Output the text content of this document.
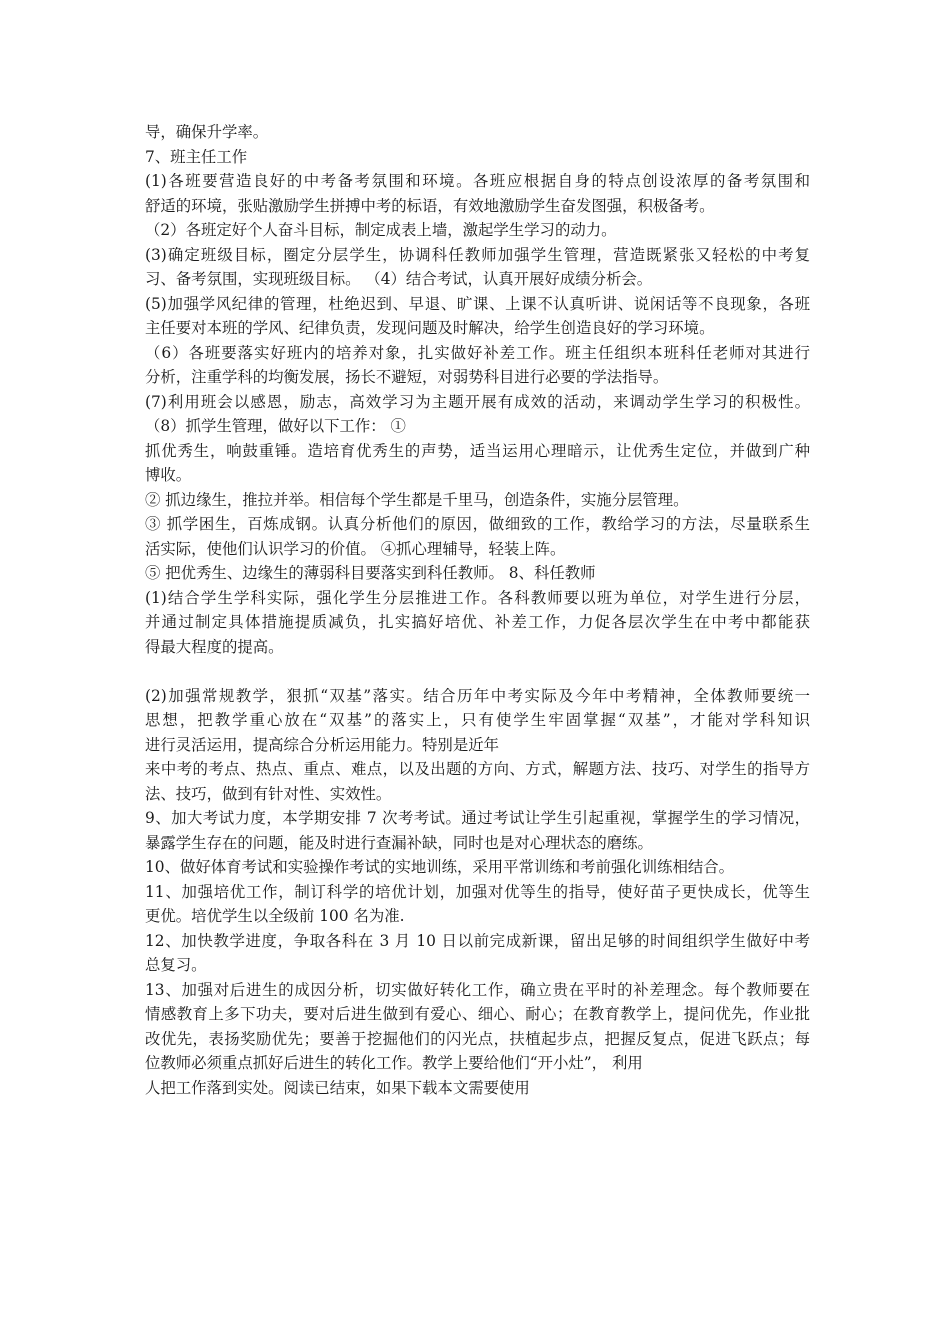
导，确保升学率。
7、班主任工作
(1)各班要营造良好的中考备考氛围和环境。各班应根据自身的特点创设浓厚的备考氛围和
舒适的环境，张贴激励学生拼搏中考的标语，有效地激励学生奋发图强，积极备考。
（2）各班定好个人奋斗目标，制定成表上墙，激起学生学习的动力。
(3)确定班级目标，圈定分层学生，协调科任教师加强学生管理，营造既紧张又轻松的中考复
习、备考氛围，实现班级目标。 （4）结合考试，认真开展好成绩分析会。
(5)加强学风纪律的管理，杜绝迟到、早退、旷课、上课不认真听讲、说闲话等不良现象，各班
主任要对本班的学风、纪律负责，发现问题及时解决，给学生创造良好的学习环境。
（6）各班要落实好班内的培养对象，扎实做好补差工作。班主任组织本班科任老师对其进行
分析，注重学科的均衡发展，扬长不避短，对弱势科目进行必要的学法指导。
(7)利用班会以感恩，励志，高效学习为主题开展有成效的活动，来调动学生学习的积极性。
（8）抓学生管理，做好以下工作： ①
抓优秀生，响鼓重锤。造培育优秀生的声势，适当运用心理暗示，让优秀生定位，并做到广种
博收。
② 抓边缘生，推拉并举。相信每个学生都是千里马，创造条件，实施分层管理。
③ 抓学困生，百炼成钢。认真分析他们的原因，做细致的工作，教给学习的方法，尽量联系生
活实际，使他们认识学习的价值。 ④抓心理辅导，轻装上阵。
⑤ 把优秀生、边缘生的薄弱科目要落实到科任教师。 8、科任教师
(1)结合学生学科实际，强化学生分层推进工作。各科教师要以班为单位，对学生进行分层，
并通过制定具体措施提质减负，扎实搞好培优、补差工作，力促各层次学生在中考中都能获
得最大程度的提高。
(2)加强常规教学，狠抓“双基”落实。结合历年中考实际及今年中考精神，全体教师要统一
思想，把教学重心放在“双基”的落实上，只有使学生牢固掌握“双基”，才能对学科知识
进行灵活运用，提高综合分析运用能力。特别是近年
来中考的考点、热点、重点、难点，以及出题的方向、方式，解题方法、技巧、对学生的指导方
法、技巧，做到有针对性、实效性。
9、加大考试力度，本学期安排 7 次考考试。通过考试让学生引起重视，掌握学生的学习情况，
暴露学生存在的问题，能及时进行查漏补缺，同时也是对心理状态的磨练。
10、做好体育考试和实验操作考试的实地训练，采用平常训练和考前强化训练相结合。
11、加强培优工作，制订科学的培优计划，加强对优等生的指导，使好苗子更快成长，优等生
更优。培优学生以全级前 100 名为准.
12、加快教学进度，争取各科在 3 月 10 日以前完成新课，留出足够的时间组织学生做好中考
总复习。
13、加强对后进生的成因分析，切实做好转化工作，确立贵在平时的补差理念。每个教师要在
情感教育上多下功夫，要对后进生做到有爱心、细心、耐心；在教育教学上，提问优先，作业批
改优先，表扬奖励优先；要善于挖掘他们的闪光点，扶植起步点，把握反复点，促进飞跃点；每
位教师必须重点抓好后进生的转化工作。教学上要给他们“开小灶”， 利用
人把工作落到实处。阅读已结束，如果下载本文需要使用
